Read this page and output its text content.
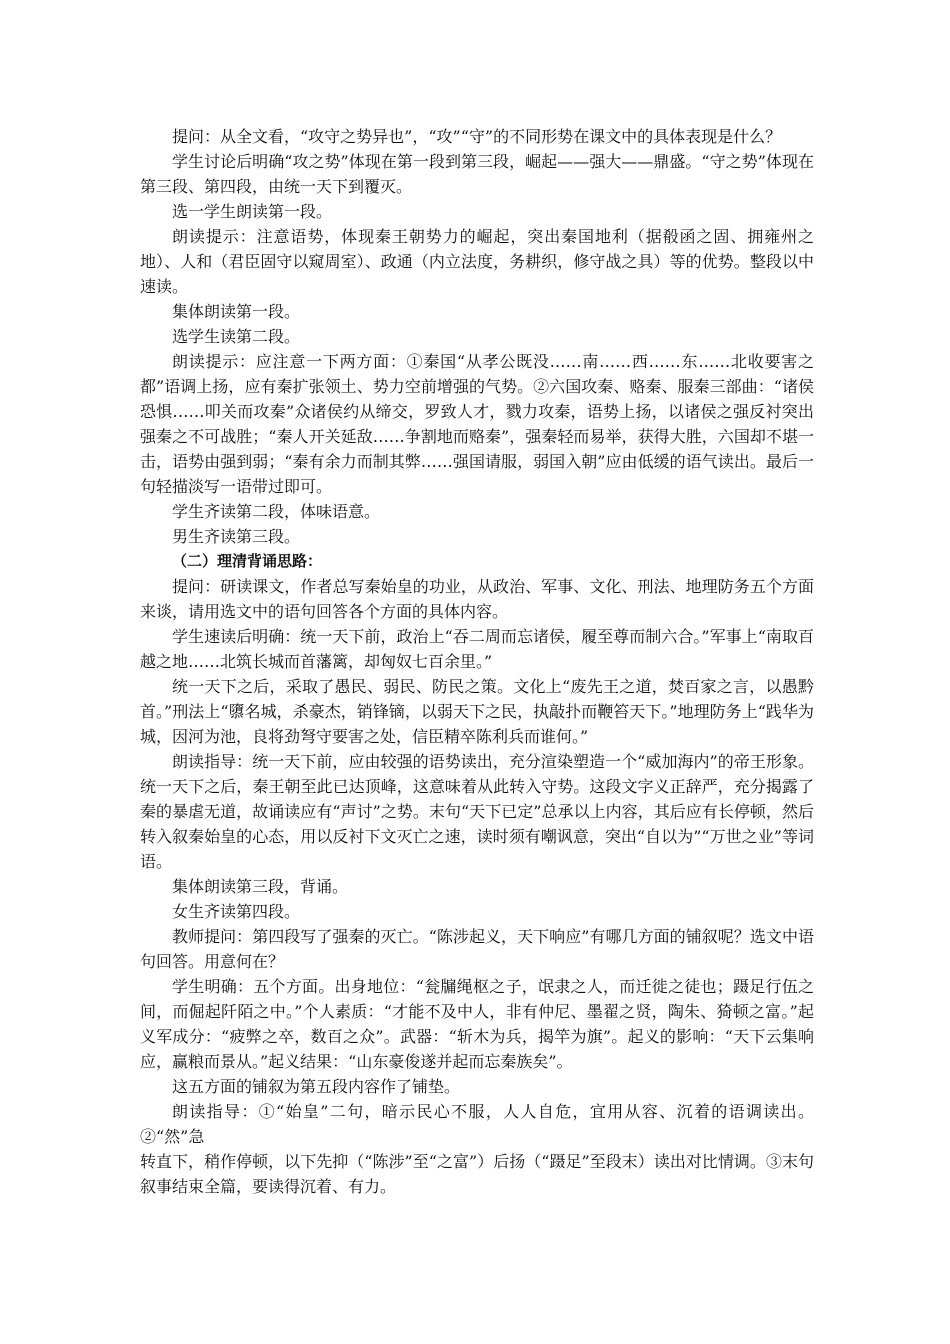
提问：从全文看，“攻守之势异也”，“攻”“守”的不同形势在课文中的具体表现是什么？

学生讨论后明确“攻之势”体现在第一段到第三段，崛起——强大——鼎盛。“守之势”体现在第三段、第四段，由统一天下到覆灭。

选一学生朗读第一段。

朗读提示：注意语势，体现秦王朝势力的崛起，突出秦国地利（据殽函之固、拥雍州之地）、人和（君臣固守以窥周室）、政通（内立法度，务耕织，修守战之具）等的优势。整段以中速读。

集体朗读第一段。

选学生读第二段。

朗读提示：应注意一下两方面：①秦国“从孝公既没……南……西……东……北收要害之都”语调上扬，应有秦扩张领土、势力空前增强的气势。②六国攻秦、赂秦、服秦三部曲：“诸侯恐惧……叩关而攻秦”众诸侯约从缔交，罗致人才，戮力攻秦，语势上扬，以诸侯之强反衬突出强秦之不可战胜；“秦人开关延敌……争割地而赂秦”，强秦轻而易举，获得大胜，六国却不堪一击，语势由强到弱；“秦有余力而制其弊……强国请服，弱国入朝”应由低缓的语气读出。最后一句轻描淡写一语带过即可。

学生齐读第二段，体味语意。

男生齐读第三段。

（二）理清背诵思路：

提问：研读课文，作者总写秦始皇的功业，从政治、军事、文化、刑法、地理防务五个方面来谈，请用选文中的语句回答各个方面的具体内容。

学生速读后明确：统一天下前，政治上“吞二周而忘诸侯，履至尊而制六合。”军事上“南取百越之地……北筑长城而首藩篱，却匈奴七百余里。”

统一天下之后，采取了愚民、弱民、防民之策。文化上“废先王之道，焚百家之言，以愚黔首。”刑法上“隳名城，杀豪杰，销锋镝，以弱天下之民，执敲扑而鞭笞天下。”地理防务上“践华为城，因河为池，良将劲弩守要害之处，信臣精卒陈利兵而谁何。”

朗读指导：统一天下前，应由较强的语势读出，充分渲染塑造一个“威加海内”的帝王形象。统一天下之后，秦王朝至此已达顶峰，这意味着从此转入守势。这段文字义正辞严，充分揭露了秦的暴虐无道，故诵读应有“声讨”之势。末句“天下已定”总承以上内容，其后应有长停顿，然后转入叙秦始皇的心态，用以反衬下文灭亡之速，读时须有嘲讽意，突出“自以为”“万世之业”等词语。

集体朗读第三段，背诵。

女生齐读第四段。

教师提问：第四段写了强秦的灭亡。“陈涉起义，天下响应”有哪几方面的铺叙呢？选文中语句回答。用意何在？

学生明确：五个方面。出身地位：“瓮牖绳枢之子，氓隶之人，而迁徙之徒也；蹑足行伍之间，而倔起阡陌之中。”个人素质：“才能不及中人，非有仲尼、墨翟之贤，陶朱、猗顿之富。”起义军成分：“疲弊之卒，数百之众”。武器：“斩木为兵，揭竿为旗”。起义的影响：“天下云集响应，赢粮而景从。”起义结果：“山东豪俊遂并起而忘秦族矣”。

这五方面的铺叙为第五段内容作了铺垫。

朗读指导：①“始皇”二句，暗示民心不服，人人自危，宜用从容、沉着的语调读出。②“然”急

转直下，稍作停顿，以下先抑（“陈涉”至“之富”）后扬（“蹑足”至段末）读出对比情调。③末句叙事结束全篇，要读得沉着、有力。
